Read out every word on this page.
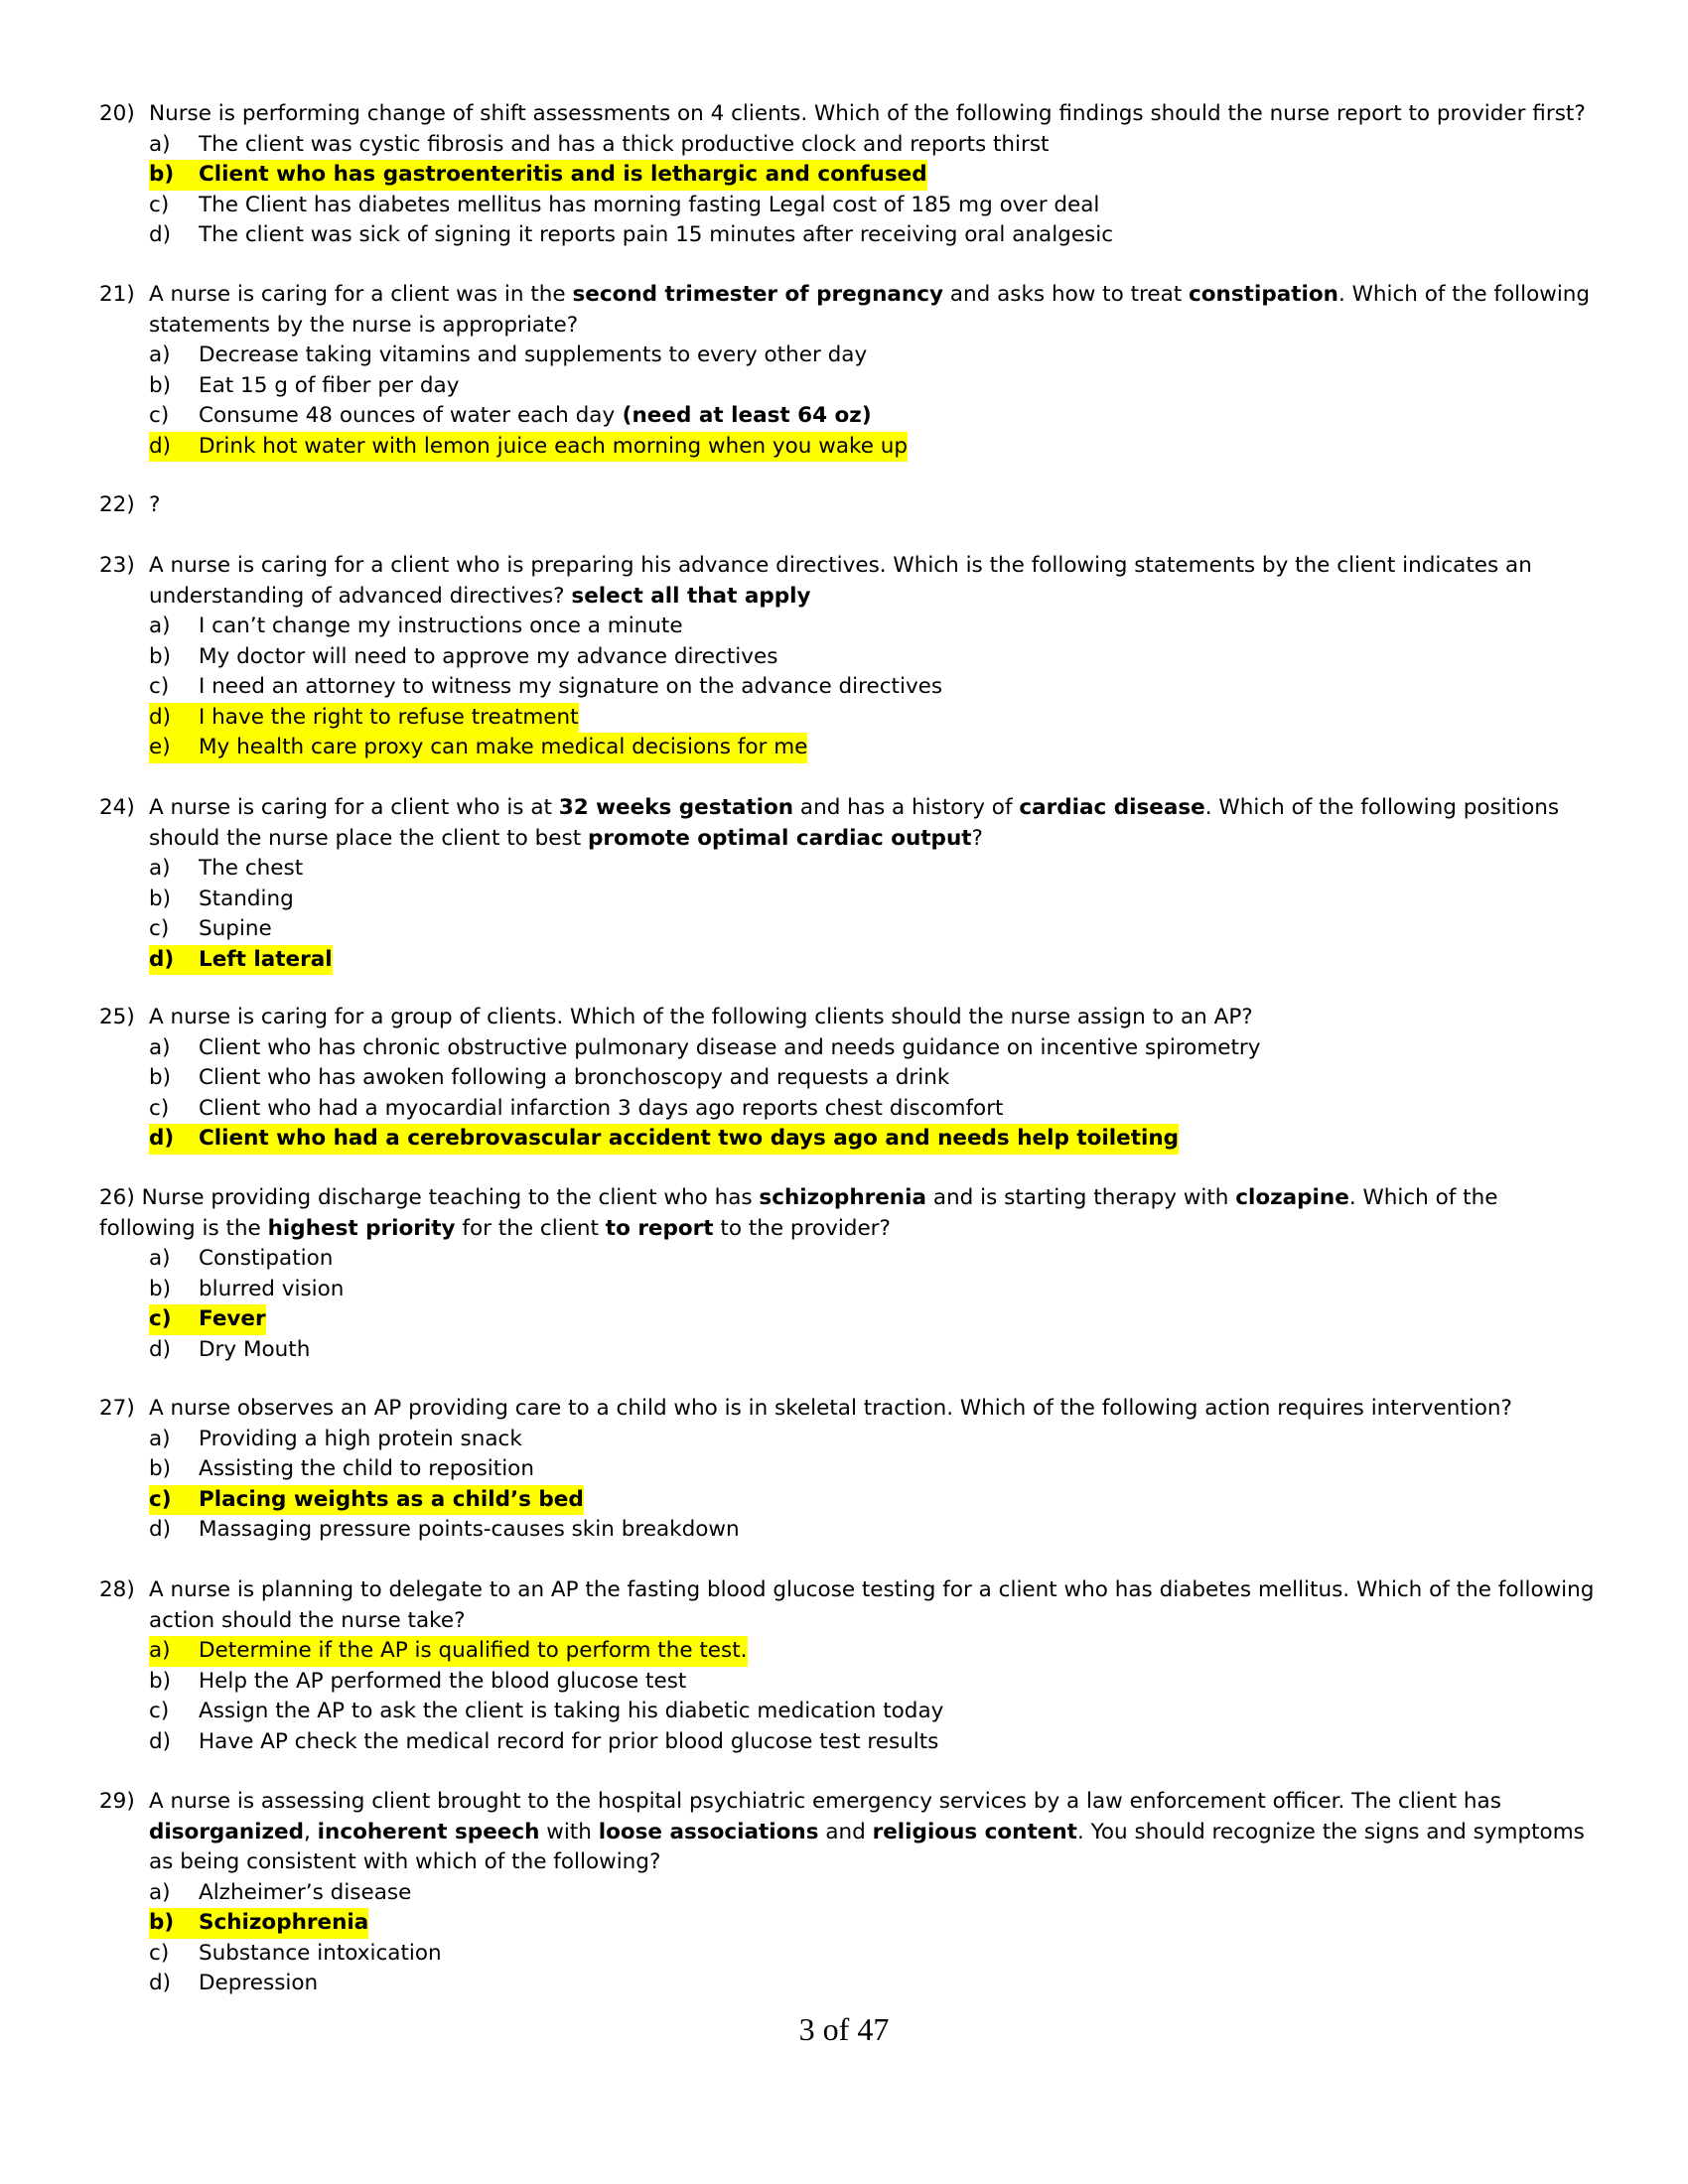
20) Nurse is performing change of shift assessments on 4 clients. Which of the following findings should the nurse report to provider first?
a)	The client was cystic fibrosis and has a thick productive clock and reports thirst
b)	Client who has gastroenteritis and is lethargic and confused
c)	The Client has diabetes mellitus has morning fasting Legal cost of 185 mg over deal
d)	The client was sick of signing it reports pain 15 minutes after receiving oral analgesic
21) A nurse is caring for a client was in the second trimester of pregnancy and asks how to treat constipation. Which of the following statements by the nurse is appropriate?
a)	Decrease taking vitamins and supplements to every other day
b)	Eat 15 g of fiber per day
c)	Consume 48 ounces of water each day (need at least 64 oz)
d)	Drink hot water with lemon juice each morning when you wake up
22) ?
23) A nurse is caring for a client who is preparing his advance directives. Which is the following statements by the client indicates an understanding of advanced directives? select all that apply
a)	I can’t change my instructions once a minute
b)	My doctor will need to approve my advance directives
c)	I need an attorney to witness my signature on the advance directives
d)	I have the right to refuse treatment
e)	My health care proxy can make medical decisions for me
24) A nurse is caring for a client who is at 32 weeks gestation and has a history of cardiac disease. Which of the following positions should the nurse place the client to best promote optimal cardiac output?
a)	The chest
b)	Standing
c)	Supine
d)	Left lateral
25) A nurse is caring for a group of clients. Which of the following clients should the nurse assign to an AP?
a)	Client who has chronic obstructive pulmonary disease and needs guidance on incentive spirometry
b)	Client who has awoken following a bronchoscopy and requests a drink
c)	Client who had a myocardial infarction 3 days ago reports chest discomfort
d)	Client who had a cerebrovascular accident two days ago and needs help toileting
26) Nurse providing discharge teaching to the client who has schizophrenia and is starting therapy with clozapine. Which of the following is the highest priority for the client to report to the provider?
a)	Constipation
b)	blurred vision
c)	Fever
d)	Dry Mouth
27) A nurse observes an AP providing care to a child who is in skeletal traction. Which of the following action requires intervention?
a)	Providing a high protein snack
b)	Assisting the child to reposition
c)	Placing weights as a child’s bed
d)	Massaging pressure points-causes skin breakdown
28) A nurse is planning to delegate to an AP the fasting blood glucose testing for a client who has diabetes mellitus. Which of the following action should the nurse take?
a)	Determine if the AP is qualified to perform the test.
b)	Help the AP performed the blood glucose test
c)	Assign the AP to ask the client is taking his diabetic medication today
d)	Have AP check the medical record for prior blood glucose test results
29) A nurse is assessing client brought to the hospital psychiatric emergency services by a law enforcement officer. The client has disorganized, incoherent speech with loose associations and religious content. You should recognize the signs and symptoms as being consistent with which of the following?
a)	Alzheimer’s disease
b)	Schizophrenia
c)	Substance intoxication
d)	Depression
3 of 47
